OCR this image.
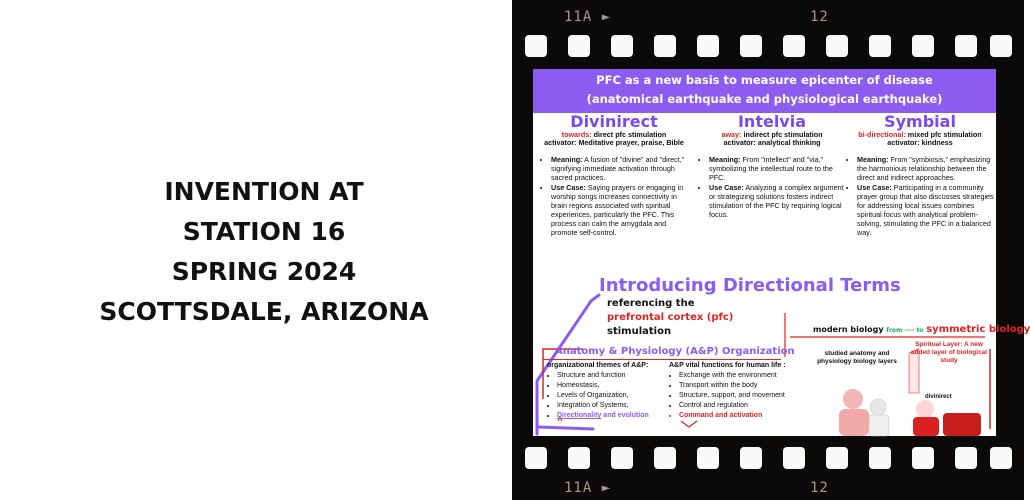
INVENTION AT
STATION 16
SPRING 2024
SCOTTSDALE, ARIZONA
11A ►	12
11A ►	12
PFC as a new basis to measure epicenter of disease
(anatomical earthquake and physiological earthquake)
Divinirect
towards: direct pfc stimulation
activator: Meditative prayer, praise, Bible
• Meaning: A fusion of "divine" and "direct," signifying immediate activation through sacred practices.
• Use Case: Saying prayers or engaging in worship songs increases connectivity in brain regions associated with spiritual experiences, particularly the PFC. This process can calm the amygdala and promote self-control.
Intelvia
away: indirect pfc stimulation
activator: analytical thinking
• Meaning: From "intellect" and "via," symbolizing the intellectual route to the PFC.
• Use Case: Analyzing a complex argument or strategizing solutions fosters indirect stimulation of the PFC by requiring logical focus.
Symbial
bi-directional: mixed pfc stimulation
activator: kindness
• Meaning: From "symbiosis," emphasizing the harmonious relationship between the direct and indirect approaches.
• Use Case: Participating in a community prayer group that also discusses strategies for addressing local issues combines spiritual focus with analytical problem-solving, stimulating the PFC in a balanced way.
Introducing Directional Terms
referencing the
prefrontal cortex (pfc)
stimulation
Anatomy & Physiology (A&P) Organization
organizational themes of A&P:
• Structure and function
• Homeostasis,
• Levels of Organization,
• Integration of Systems,
• Directionality and evolution
A&P vital functions for human life :
• Exchange with the environment
• Transport within the body
• Structure, support, and movement
• Control and regulation
• Command and activation
modern biology from ---- to symmetric biology
studied anatomy and physiology biology layers
Spiritual Layer: A new added layer of biological study
divinirect
